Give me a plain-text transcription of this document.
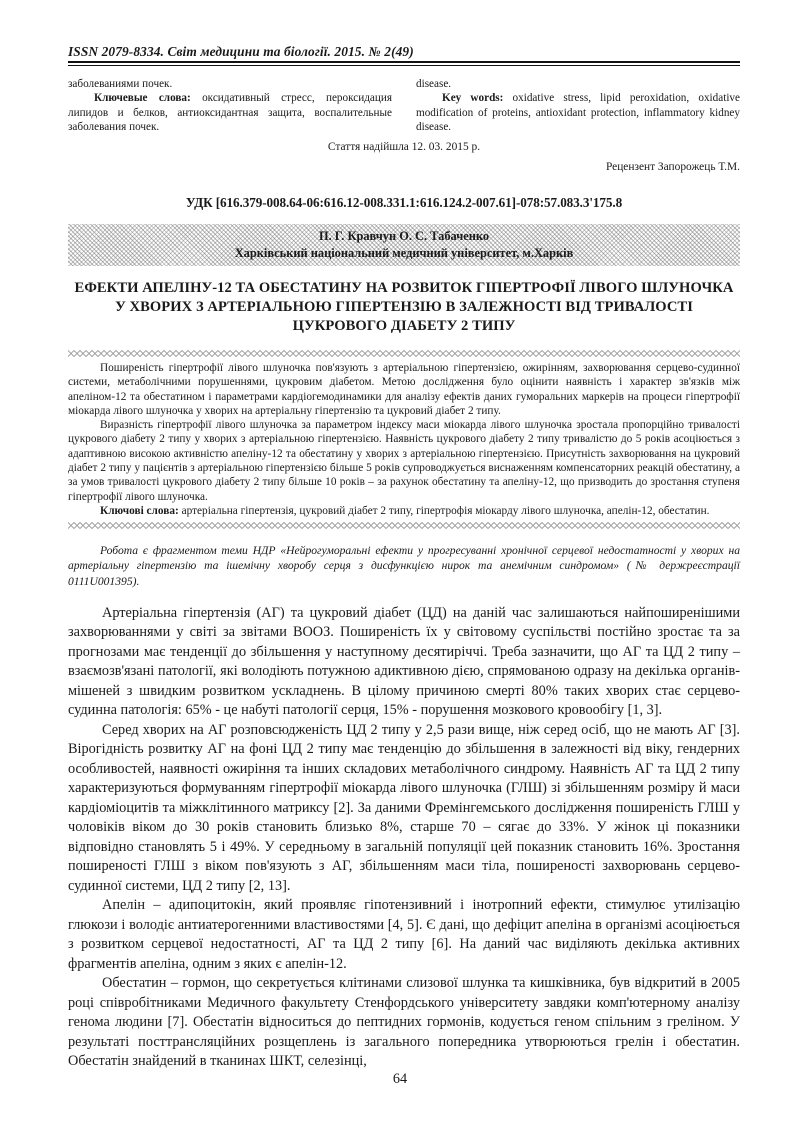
ISSN 2079-8334. Світ медицини та біології. 2015. № 2(49)

заболеваниями почек.

Ключевые слова: оксидативный стресс, пероксидация липидов и белков, антиоксидантная защита, воспалительные заболевания почек.

disease.

Key words: oxidative stress, lipid peroxidation, oxidative modification of proteins, antioxidant protection, inflammatory kidney disease.

Стаття надійшла 12. 03. 2015 р.
Рецензент Запорожець Т.М.
УДК [616.379-008.64-06:616.12-008.331.1:616.124.2-007.61]-078:57.083.3'175.8
П. Г. Кравчун О. С. Табаченко
Харківський національний медичний університет, м.Харків
ЕФЕКТИ АПЕЛІНУ-12 ТА ОБЕСТАТИНУ НА РОЗВИТОК ГІПЕРТРОФІЇ ЛІВОГО ШЛУНОЧКА У ХВОРИХ З АРТЕРІАЛЬНОЮ ГІПЕРТЕНЗІЮ В ЗАЛЕЖНОСТІ ВІД ТРИВАЛОСТІ ЦУКРОВОГО ДІАБЕТУ 2 ТИПУ

Поширеність гіпертрофії лівого шлуночка пов'язують з артеріальною гіпертензією, ожирінням, захворювання серцево-судинної системи, метаболічними порушеннями, цукровим діабетом. Метою дослідження було оцінити наявність і характер зв'язків між апеліном-12 та обестатином і параметрами кардіогемодинамики для аналізу ефектів даних гуморальних маркерів на процеси гіпертрофії міокарда лівого шлуночка у хворих на артеріальну гіпертензію та цукровий діабет 2 типу.

Виразність гіпертрофії лівого шлуночка за параметром індексу маси міокарда лівого шлуночка зростала пропорційно тривалості цукрового діабету 2 типу у хворих з артеріальною гіпертензією. Наявність цукрового діабету 2 типу тривалістю до 5 років асоціюється з адаптивною високою активністю апеліну-12 та обестатину у хворих з артеріальною гіпертензією. Присутність захворювання на цукровий діабет 2 типу у пацієнтів з артеріальною гіпертензією більше 5 років супроводжується виснаженням компенсаторних реакцій обестатину, а за умов тривалості цукрового діабету 2 типу більше 10 років – за рахунок обестатину та апеліну-12, що призводить до зростання ступеня гіпертрофії лівого шлуночка.

Ключові слова: артеріальна гіпертензія, цукровий діабет 2 типу, гіпертрофія міокарду лівого шлуночка, апелін-12, обестатин.

Робота є фрагментом теми НДР «Нейрогуморальні ефекти у прогресуванні хронічної серцевої недостатності у хворих на артеріальну гіпертензію та ішемічну хворобу серця з дисфункцією нирок та анемічним синдромом» (№ держреєстрації 0111U001395).

Артеріальна гіпертензія (АГ) та цукровий діабет (ЦД) на даній час залишаються найпоширенішими захворюваннями у світі за звітами ВООЗ. Поширеність їх у світовому суспільстві постійно зростає та за прогнозами має тенденції до збільшення у наступному десятиріччі. Треба зазначити, що АГ та ЦД 2 типу – взаємозв'язані патології, які володіють потужною адиктивною дією, спрямованою одразу на декілька органів-мішеней з швидким розвитком ускладнень. В цілому причиною смерті 80% таких хворих стає серцево-судинна патологія: 65% - це набуті патології серця, 15% - порушення мозкового кровообігу [1, 3].

Серед хворих на АГ розповсюдженість ЦД 2 типу у 2,5 рази вище, ніж серед осіб, що не мають АГ [3]. Вірогідність розвитку АГ на фоні ЦД 2 типу має тенденцію до збільшення в залежності від віку, гендерних особливостей, наявності ожиріння та інших складових метаболічного синдрому. Наявність АГ та ЦД 2 типу характеризуються формуванням гіпертрофії міокарда лівого шлуночка (ГЛШ) зі збільшенням розміру й маси кардіоміоцитів та міжклітинного матриксу [2]. За даними Фремінгемського дослідження поширеність ГЛШ у чоловіків віком до 30 років становить близько 8%, старше 70 – сягає до 33%. У жінок ці показники відповідно становлять 5 і 49%. У середньому в загальній популяції цей показник становить 16%. Зростання поширеності ГЛШ з віком пов'язують з АГ, збільшенням маси тіла, поширеності захворювань серцево-судинної системи, ЦД 2 типу [2, 13].

Апелін – адипоцитокін, який проявляє гіпотензивний і інотропний ефекти, стимулює утилізацію глюкози і володіє антиатерогенними властивостями [4, 5]. Є дані, що дефіцит апеліна в організмі асоціюється з розвитком серцевої недостатності, АГ та ЦД 2 типу [6]. На даний час виділяють декілька активних фрагментів апеліна, одним з яких є апелін-12.

Обестатин – гормон, що секретується клітинами слизової шлунка та кишківника, був відкритий в 2005 році співробітниками Медичного факультету Стенфордського університету завдяки комп'ютерному аналізу генома людини [7]. Обестатін відноситься до пептидних гормонів, кодується геном спільним з греліном. У результаті посттрансляційних розщеплень із загального попередника утворюються грелін і обестатин. Обестатін знайдений в тканинах ШКТ, селезінці,

64
